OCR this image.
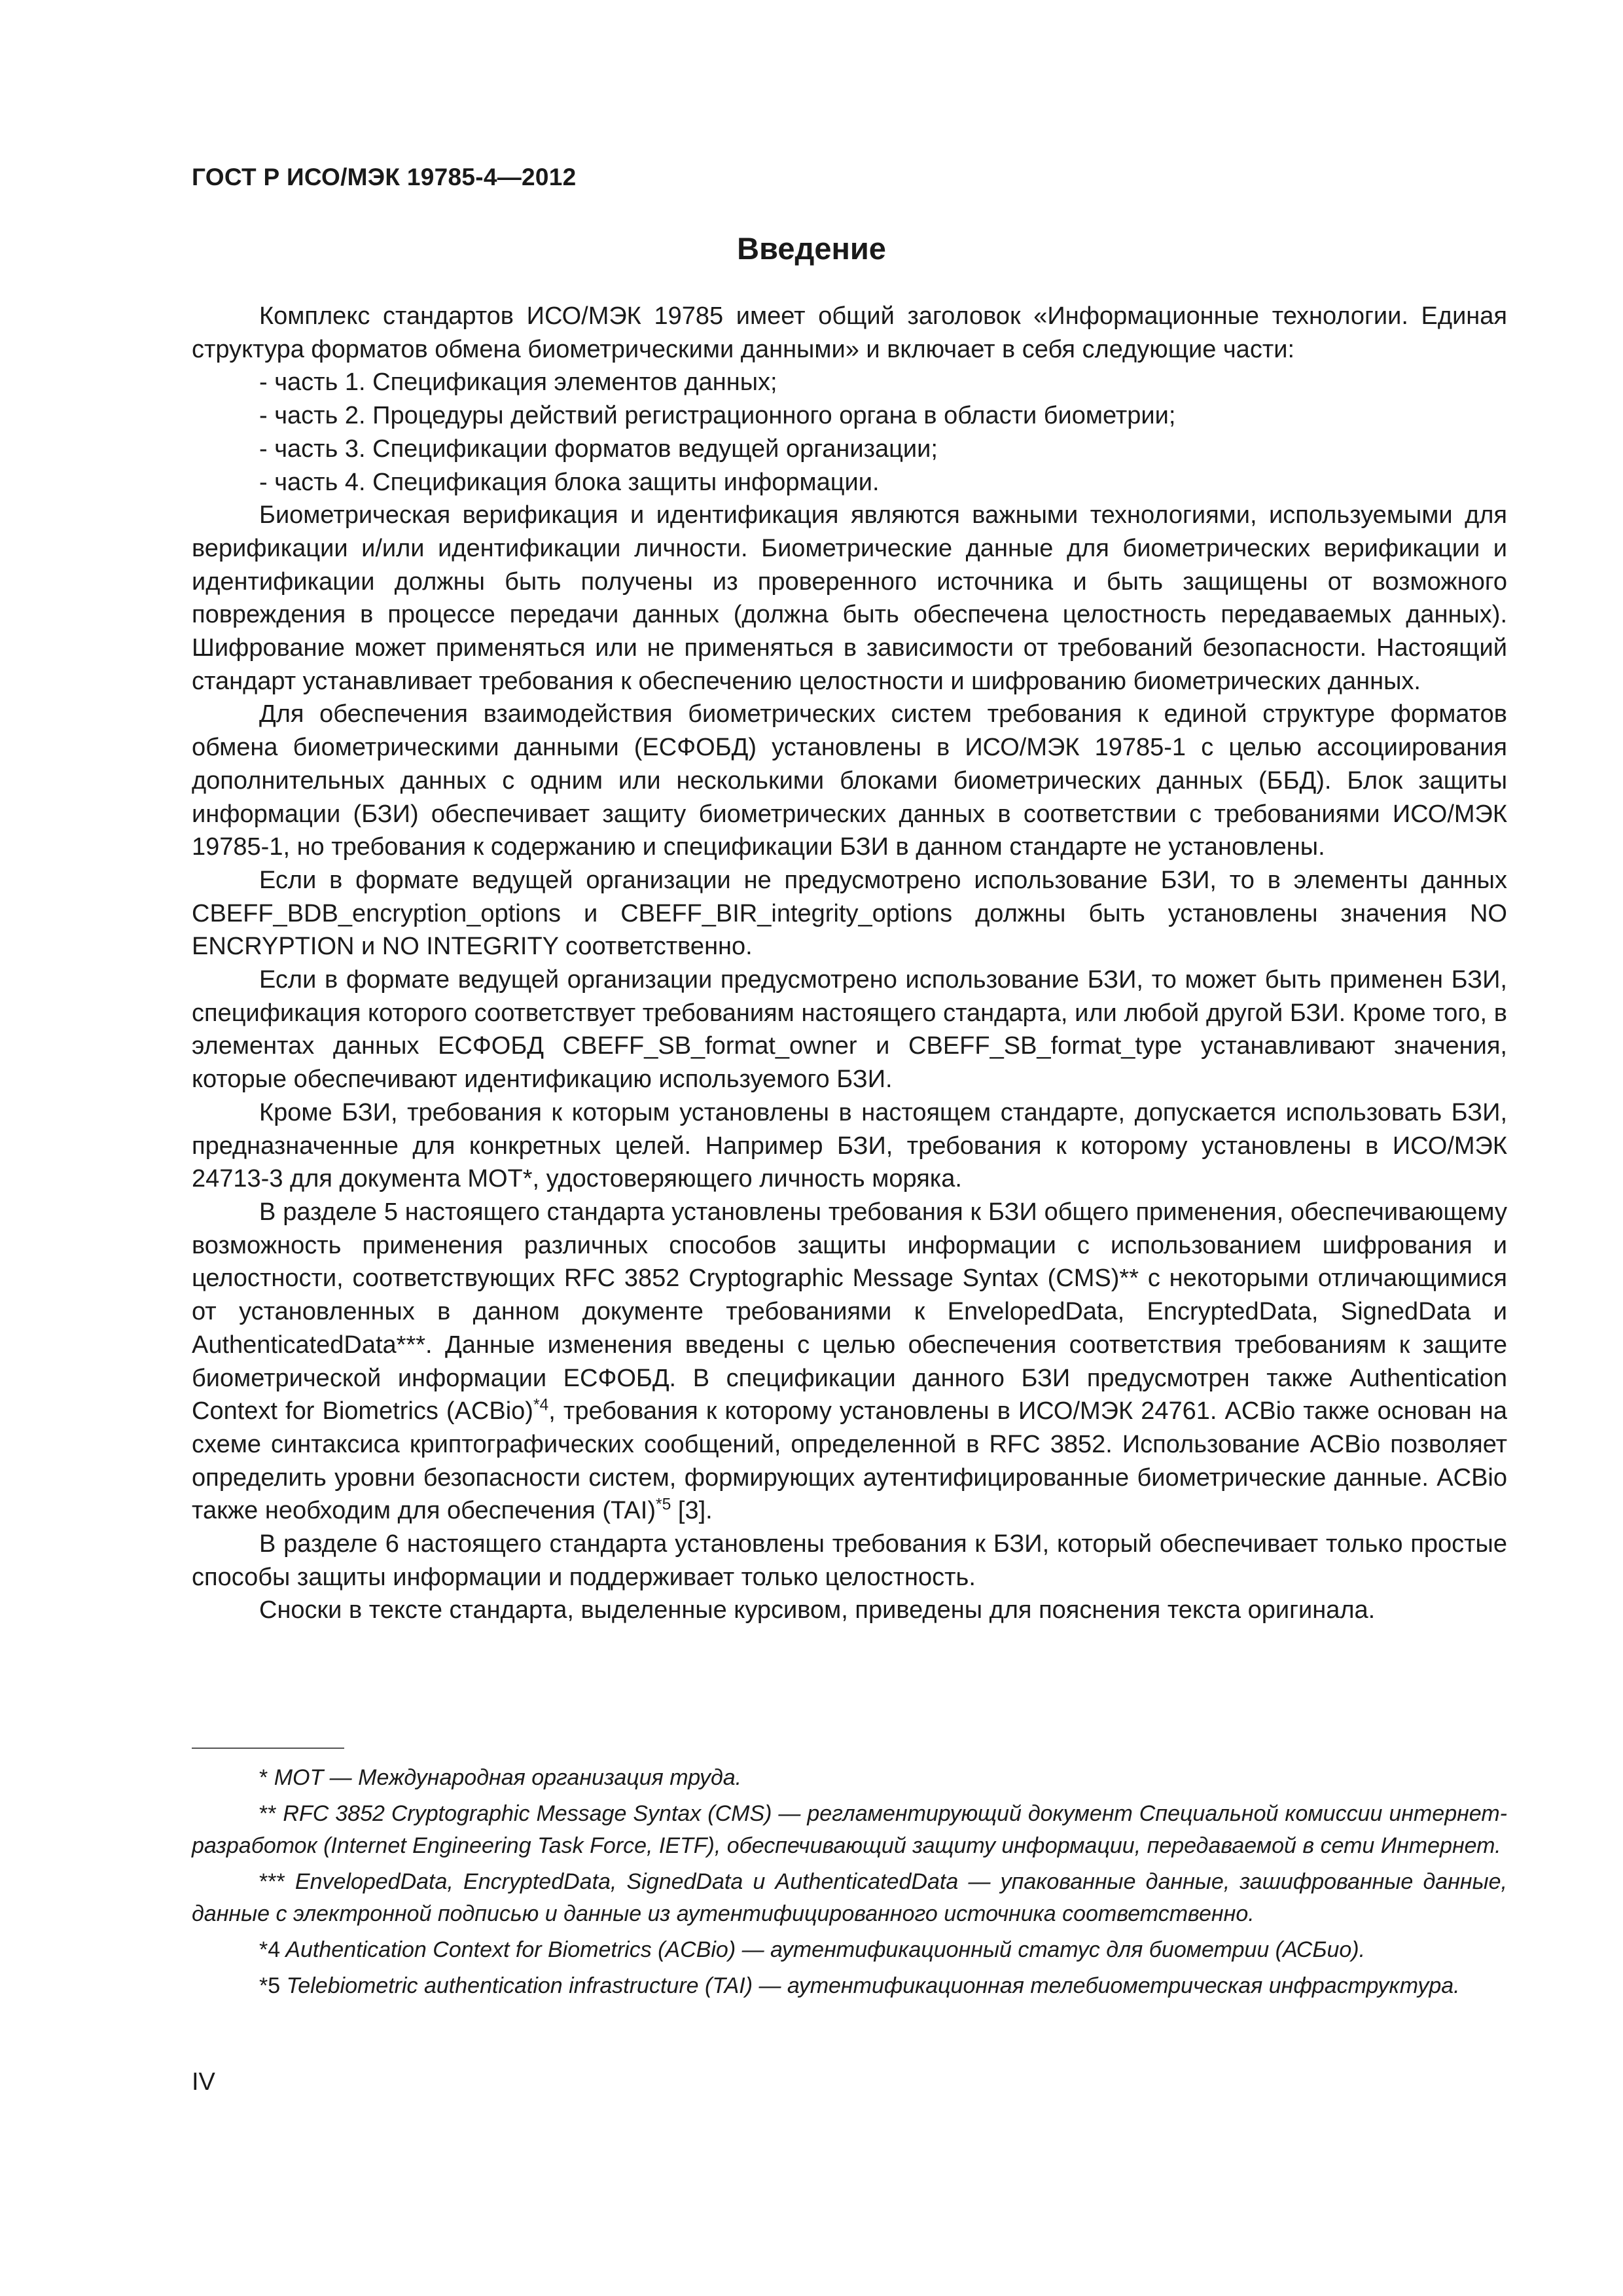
ГОСТ Р ИСО/МЭК 19785-4—2012
Введение

Комплекс стандартов ИСО/МЭК 19785 имеет общий заголовок «Информационные технологии. Единая структура форматов обмена биометрическими данными» и включает в себя следующие части:

- часть 1. Спецификация элементов данных;

- часть 2. Процедуры действий регистрационного органа в области биометрии;

- часть 3. Спецификации форматов ведущей организации;

- часть 4. Спецификация блока защиты информации.

Биометрическая верификация и идентификация являются важными технологиями, используемыми для верификации и/или идентификации личности. Биометрические данные для биометрических верификации и идентификации должны быть получены из проверенного источника и быть защищены от возможного повреждения в процессе передачи данных (должна быть обеспечена целостность передаваемых данных). Шифрование может применяться или не применяться в зависимости от требований безопасности. Настоящий стандарт устанавливает требования к обеспечению целостности и шифрованию биометрических данных.

Для обеспечения взаимодействия биометрических систем требования к единой структуре форматов обмена биометрическими данными (ЕСФОБД) установлены в ИСО/МЭК 19785-1 с целью ассоциирования дополнительных данных с одним или несколькими блоками биометрических данных (ББД). Блок защиты информации (БЗИ) обеспечивает защиту биометрических данных в соответствии с требованиями ИСО/МЭК 19785-1, но требования к содержанию и спецификации БЗИ в данном стандарте не установлены.

Если в формате ведущей организации не предусмотрено использование БЗИ, то в элементы данных CBEFF_BDB_encryption_options и CBEFF_BIR_integrity_options должны быть установлены значения NO ENCRYPTION и NO INTEGRITY соответственно.

Если в формате ведущей организации предусмотрено использование БЗИ, то может быть применен БЗИ, спецификация которого соответствует требованиям настоящего стандарта, или любой другой БЗИ. Кроме того, в элементах данных ЕСФОБД CBEFF_SB_format_owner и CBEFF_SB_format_type устанавливают значения, которые обеспечивают идентификацию используемого БЗИ.

Кроме БЗИ, требования к которым установлены в настоящем стандарте, допускается использовать БЗИ, предназначенные для конкретных целей. Например БЗИ, требования к которому установлены в ИСО/МЭК 24713-3 для документа МОТ*, удостоверяющего личность моряка.

В разделе 5 настоящего стандарта установлены требования к БЗИ общего применения, обеспечивающему возможность применения различных способов защиты информации с использованием шифрования и целостности, соответствующих RFC 3852 Cryptographic Message Syntax (CMS)** с некоторыми отличающимися от установленных в данном документе требованиями к EnvelopedData, EncryptedData, SignedData и AuthenticatedData***. Данные изменения введены с целью обеспечения соответствия требованиям к защите биометрической информации ЕСФОБД. В спецификации данного БЗИ предусмотрен также Authentication Context for Biometrics (ACBio)$^{*4}$, требования к которому установлены в ИСО/МЭК 24761. ACBio также основан на схеме синтаксиса криптографических сообщений, определенной в RFC 3852. Использование ACBio позволяет определить уровни безопасности систем, формирующих аутентифицированные биометрические данные. ACBio также необходим для обеспечения (TAI)$^{*5}$ [3].

В разделе 6 настоящего стандарта установлены требования к БЗИ, который обеспечивает только простые способы защиты информации и поддерживает только целостность.

Сноски в тексте стандарта, выделенные курсивом, приведены для пояснения текста оригинала.

* МОТ — Международная организация труда.

** RFC 3852 Cryptographic Message Syntax (CMS) — регламентирующий документ Специальной комиссии интернет-разработок (Internet Engineering Task Force, IETF), обеспечивающий защиту информации, передаваемой в сети Интернет.

*** EnvelopedData, EncryptedData, SignedData и AuthenticatedData — упакованные данные, зашифрованные данные, данные с электронной подписью и данные из аутентифицированного источника соответственно.

*4 Authentication Context for Biometrics (ACBio) — аутентификационный статус для биометрии (АСБио).

*5 Telebiometric authentication infrastructure (TAI) — аутентификационная телебиометрическая инфраструктура.

IV
